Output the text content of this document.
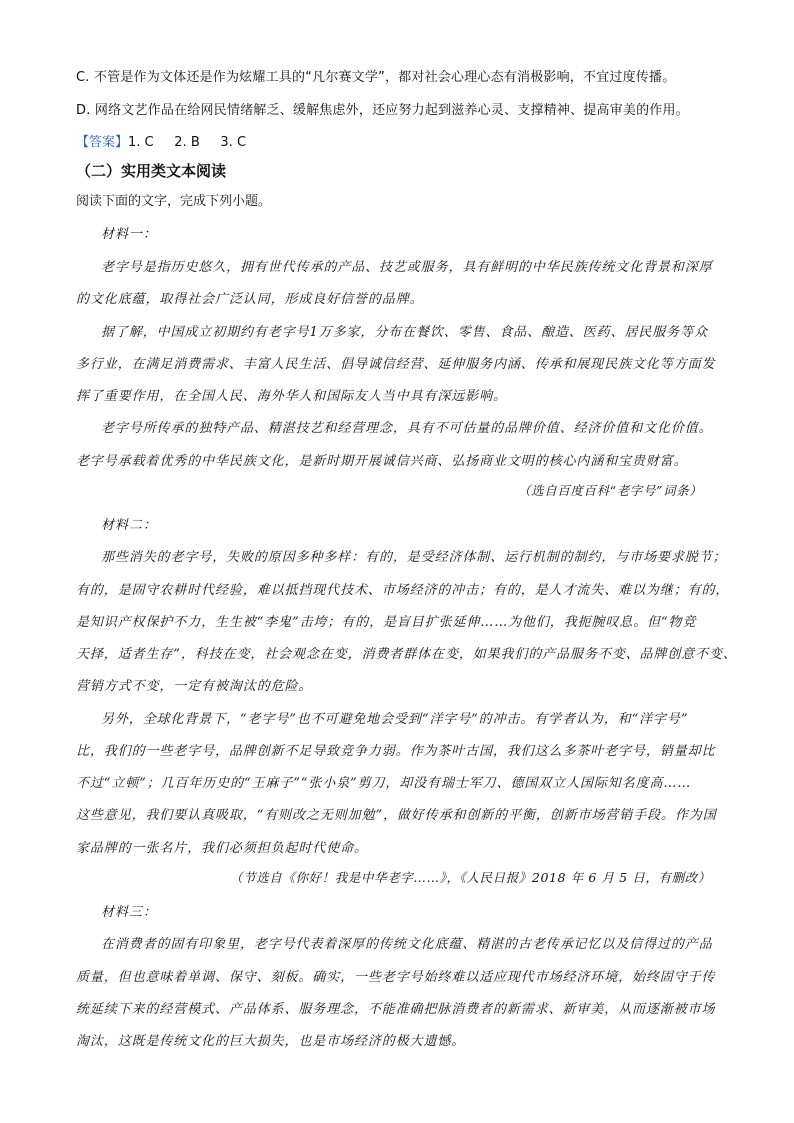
C. 不管是作为文体还是作为炫耀工具的“凡尔赛文学”，都对社会心理心态有消极影响，不宜过度传播。

D. 网络文艺作品在给网民情绪解乏、缓解焦虑外，还应努力起到滋养心灵、支撑精神、提高审美的作用。

【答案】1. C     2. B     3. C

（二）实用类文本阅读

阅读下面的文字，完成下列小题。

材料一：

老字号是指历史悠久，拥有世代传承的产品、技艺或服务，具有鲜明的中华民族传统文化背景和深厚

的文化底蕴，取得社会广泛认同，形成良好信誉的品牌。

据了解，中国成立初期约有老字号1万多家，分布在餐饮、零售、食品、酿造、医药、居民服务等众

多行业，在满足消费需求、丰富人民生活、倡导诚信经营、延伸服务内涵、传承和展现民族文化等方面发

挥了重要作用，在全国人民、海外华人和国际友人当中具有深远影响。

老字号所传承的独特产品、精湛技艺和经营理念，具有不可估量的品牌价值、经济价值和文化价值。

老字号承载着优秀的中华民族文化，是新时期开展诚信兴商、弘扬商业文明的核心内涵和宝贵财富。

（选自百度百科“老字号”词条）

材料二：

那些消失的老字号，失败的原因多种多样：有的，是受经济体制、运行机制的制约，与市场要求脱节；

有的，是固守农耕时代经验，难以抵挡现代技术、市场经济的冲击；有的，是人才流失、难以为继；有的，

是知识产权保护不力，生生被“李鬼”击垮；有的，是盲目扩张延伸……为他们，我扼腕叹息。但“物竞

天择，适者生存”，科技在变，社会观念在变，消费者群体在变，如果我们的产品服务不变、品牌创意不变、

营销方式不变，一定有被淘汰的危险。

另外，全球化背景下，“老字号”也不可避免地会受到“洋字号”的冲击。有学者认为，和“洋字号”

比，我们的一些老字号，品牌创新不足导致竞争力弱。作为茶叶古国，我们这么多茶叶老字号，销量却比

不过“立顿”；几百年历史的“王麻子”“张小泉”剪刀，却没有瑞士军刀、德国双立人国际知名度高……

这些意见，我们要认真吸取，“有则改之无则加勉”，做好传承和创新的平衡，创新市场营销手段。作为国

家品牌的一张名片，我们必须担负起时代使命。

（节选自《你好！我是中华老字……》，《人民日报》2018 年 6 月 5 日，有删改）

材料三：

在消费者的固有印象里，老字号代表着深厚的传统文化底蕴、精湛的古老传承记忆以及信得过的产品

质量，但也意味着单调、保守、刻板。确实，一些老字号始终难以适应现代市场经济环境，始终固守于传

统延续下来的经营模式、产品体系、服务理念，不能准确把脉消费者的新需求、新审美，从而逐渐被市场

淘汰，这既是传统文化的巨大损失，也是市场经济的极大遗憾。
